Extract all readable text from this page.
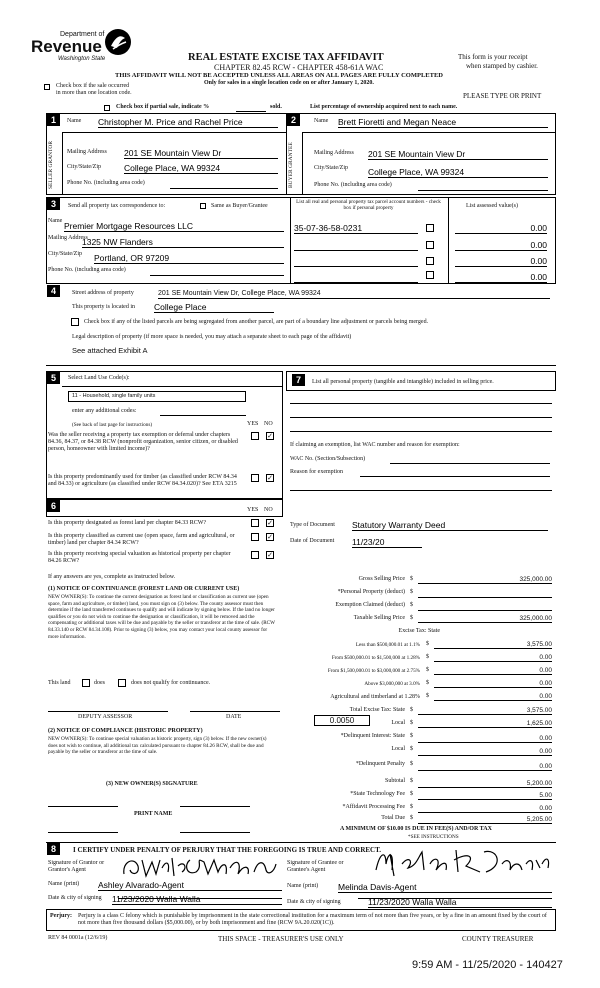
Department of
Revenue
Washington State	REAL ESTATE EXCISE TAX AFFIDAVIT
CHAPTER 82.45 RCW - CHAPTER 458-61A WAC
THIS AFFIDAVIT WILL NOT BE ACCEPTED UNLESS ALL AREAS ON ALL PAGES ARE FULLY COMPLETED
Only for sales in a single location code on or after January 1, 2020.
This form is your receipt
when stamped by cashier.
PLEASE TYPE OR PRINT
Check box if the sale occurred
in more than one location code.
Check box if partial sale, indicate %	sold.	List percentage of ownership acquired next to each name.
1
SELLER GRANTOR
Name Christopher M. Price and Rachel Price
Mailing Address 201 SE Mountain View Dr
City/State/Zip	College Place, WA 99324
Phone No. (including area code)
2
BUYER GRANTEE
Name Brett Fioretti and Megan Neace
Mailing Address 201 SE Mountain View Dr
City/State/Zip College Place, WA 99324
Phone No. (including area code)
3	Send all property tax correspondence to:	Same as Buyer/Grantee
List all real and personal property tax parcel account numbers - check box if personal property	List assessed value(s)
Name Premier Mortgage Resources LLC
Mailing Address
1325 NW Flanders
City/State/Zip Portland, OR 97209
Phone No. (including area code)
35-07-36-58-0231	0.00
0.00
0.00
0.00
4	Street address of property	201 SE Mountain View Dr, College Place, WA 99324
This property is located in College Place
Check box if any of the listed parcels are being segregated from another parcel, are part of a boundary line adjustment or parcels being merged.
Legal description of property (if more space is needed, you may attach a separate sheet to each page of the affidavit)
See attached Exhibit A
5	Select Land Use Code(s):
11 - Household, single family units
enter any additional codes:
(See back of last page for instructions)	YES NO
Was the seller receiving a property tax exemption or deferral under chapters 84.36, 84.37, or 84.38 RCW (nonprofit organization, senior citizen, or disabled person, homeowner with limited income)?
✓
Is this property predominantly used for timber (as classified under RCW 84.34 and 84.33) or agriculture (as classified under RCW 84.34.020)? See ETA 3215
✓
6	YES NO
Is this property designated as forest land per chapter 84.33 RCW?	✓
Is this property classified as current use (open space, farm and agricultural, or timber) land per chapter 84.34 RCW?
✓
Is this property receiving special valuation as historical property per chapter 84.26 RCW?
✓
If any answers are yes, complete as instructed below.
(1) NOTICE OF CONTINUANCE (FOREST LAND OR CURRENT USE)
NEW OWNER(S): To continue the current designation as forest land or classification as current use (open space, farm and agriculture, or timber) land, you must sign on (3) below. The county assessor must then determine if the land transferred continues to qualify and will indicate by signing below. If the land no longer qualifies or you do not wish to continue the designation or classification, it will be removed and the compensating or additional taxes will be due and payable by the seller or transferor at the time of sale. (RCW 84.33.140 or RCW 84.34.108). Prior to signing (3) below, you may contact your local county assessor for more information.
This land	does	does not qualify for continuance.
DEPUTY ASSESSOR	DATE
(2) NOTICE OF COMPLIANCE (HISTORIC PROPERTY)
NEW OWNER(S): To continue special valuation as historic property, sign (3) below. If the new owner(s) does not wish to continue, all additional tax calculated pursuant to chapter 84.26 RCW, shall be due and payable by the seller or transferor at the time of sale.
(3) NEW OWNER(S) SIGNATURE
PRINT NAME
7	List all personal property (tangible and intangible) included in selling price.
If claiming an exemption, list WAC number and reason for exemption:
WAC No. (Section/Subsection)
Reason for exemption
Type of Document Statutory Warranty Deed
Date of Document 11/23/20
Gross Selling Price $	325,000.00
*Personal Property (deduct) $
Exemption Claimed (deduct) $
Taxable Selling Price $	325,000.00
Excise Tax: State
Less than $500,000.01 at 1.1% $	3,575.00
From $500,000.01 to $1,500,000 at 1.28% $	0.00
From $1,500,000.01 to $3,000,000 at 2.75% $	0.00
Above $3,000,000 at 3.0% $	0.00
Agricultural and timberland at 1.28% $	0.00
Total Excise Tax: State $	3,575.00
0.0050	Local $	1,625.00
*Delinquent Interest: State $	0.00
Local $	0.00
*Delinquent Penalty $	0.00
Subtotal $	5,200.00
*State Technology Fee $	5.00
*Affidavit Processing Fee $	0.00
Total Due $	5,205.00
A MINIMUM OF $10.00 IS DUE IN FEE(S) AND/OR TAX
*SEE INSTRUCTIONS
8	I CERTIFY UNDER PENALTY OF PERJURY THAT THE FOREGOING IS TRUE AND CORRECT.
Signature of Grantor or Grantor's Agent
Signature of Grantee or Grantee's Agent
Name (print) Ashley Alvarado-Agent	Name (print) Melinda Davis-Agent
Date & city of signing 11/23/2020 Walla Walla	Date & city of signing	11/23/2020 Walla Walla
Perjury: Perjury is a class C felony which is punishable by imprisonment in the state correctional institution for a maximum term of not more than five years, or by a fine in an amount fixed by the court of not more than five thousand dollars ($5,000.00), or by both imprisonment and fine (RCW 9A.20.020(1C)).
REV 84 0001a (12/6/19)	THIS SPACE - TREASURER'S USE ONLY	COUNTY TREASURER
9:59 AM - 11/25/2020 - 140427
